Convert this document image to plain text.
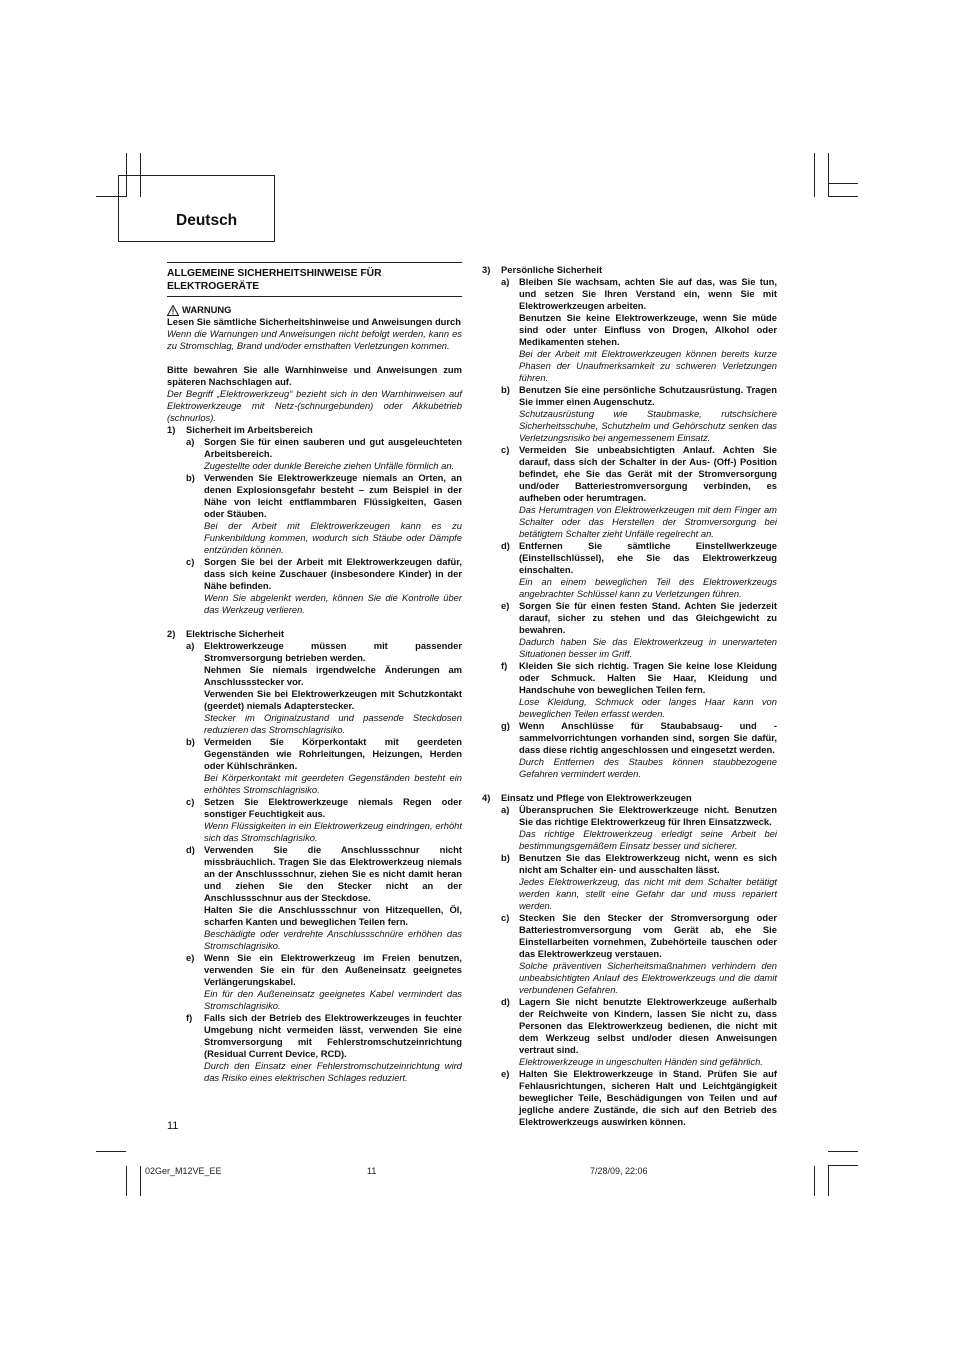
Deutsch
ALLGEMEINE SICHERHEITSHINWEISE FÜR ELEKTROGERÄTE
WARNUNG

Lesen Sie sämtliche Sicherheitshinweise und Anweisungen durch

Wenn die Warnungen und Anweisungen nicht befolgt werden, kann es zu Stromschlag, Brand und/oder ernsthaften Verletzungen kommen.

Bitte bewahren Sie alle Warnhinweise und Anweisungen zum späteren Nachschlagen auf.

Der Begriff „Elektrowerkzeug“ bezieht sich in den Warnhinweisen auf Elektrowerkzeuge mit Netz-(schnurgebunden) oder Akkubetrieb (schnurlos).

1)	Sicherheit im Arbeitsbereich
a)	Sorgen Sie für einen sauberen und gut ausgeleuchteten Arbeitsbereich.

Zugestellte oder dunkle Bereiche ziehen Unfälle förmlich an.

b) Verwenden Sie Elektrowerkzeuge niemals an Orten, an denen Explosionsgefahr besteht – zum Beispiel in der Nähe von leicht entflammbaren Flüssigkeiten, Gasen oder Stäuben.

Bei der Arbeit mit Elektrowerkzeugen kann es zu Funkenbildung kommen, wodurch sich Stäube oder Dämpfe entzünden können.

c)	Sorgen Sie bei der Arbeit mit Elektrowerkzeugen dafür, dass sich keine Zuschauer (insbesondere Kinder) in der Nähe befinden.

Wenn Sie abgelenkt werden, können Sie die Kontrolle über das Werkzeug verlieren.

2)	Elektrische Sicherheit
a)	Elektrowerkzeuge müssen mit passender Stromversorgung betrieben werden.

Nehmen Sie niemals irgendwelche Änderungen am Anschlussstecker vor.

Verwenden Sie bei Elektrowerkzeugen mit Schutzkontakt (geerdet) niemals Adapterstecker.

Stecker im Originalzustand und passende Steckdosen reduzieren das Stromschlagrisiko.

b) Vermeiden Sie Körperkontakt mit geerdeten Gegenständen wie Rohrleitungen, Heizungen, Herden oder Kühlschränken.

Bei Körperkontakt mit geerdeten Gegenständen besteht ein erhöhtes Stromschlagrisiko.

c)	Setzen Sie Elektrowerkzeuge niemals Regen oder sonstiger Feuchtigkeit aus.

Wenn Flüssigkeiten in ein Elektrowerkzeug eindringen, erhöht sich das Stromschlagrisiko.

d) Verwenden Sie die Anschlussschnur nicht missbräuchlich. Tragen Sie das Elektrowerkzeug niemals an der Anschlussschnur, ziehen Sie es nicht damit heran und ziehen Sie den Stecker nicht an der Anschlussschnur aus der Steckdose.

Halten Sie die Anschlussschnur von Hitzequellen, Öl, scharfen Kanten und beweglichen Teilen fern.

Beschädigte oder verdrehte Anschlussschnüre erhöhen das Stromschlagrisiko.

e)	Wenn Sie ein Elektrowerkzeug im Freien benutzen, verwenden Sie ein für den Außeneinsatz geeignetes Verlängerungskabel.

Ein für den Außeneinsatz geeignetes Kabel vermindert das Stromschlagrisiko.

f)	Falls sich der Betrieb des Elektrowerkzeuges in feuchter Umgebung nicht vermeiden lässt, verwenden Sie eine Stromversorgung mit Fehlerstromschutzeinrichtung (Residual Current Device, RCD).

Durch den Einsatz einer Fehlerstromschutzeinrichtung wird das Risiko eines elektrischen Schlages reduziert.

3)	Persönliche Sicherheit
a)	Bleiben Sie wachsam, achten Sie auf das, was Sie tun, und setzen Sie Ihren Verstand ein, wenn Sie mit Elektrowerkzeugen arbeiten.

Benutzen Sie keine Elektrowerkzeuge, wenn Sie müde sind oder unter Einfluss von Drogen, Alkohol oder Medikamenten stehen.

Bei der Arbeit mit Elektrowerkzeugen können bereits kurze Phasen der Unaufmerksamkeit zu schweren Verletzungen führen.

b) Benutzen Sie eine persönliche Schutzausrüstung. Tragen Sie immer einen Augenschutz.

Schutzausrüstung wie Staubmaske, rutschsichere Sicherheitsschuhe, Schutzhelm und Gehörschutz senken das Verletzungsrisiko bei angemessenem Einsatz.

c)	Vermeiden Sie unbeabsichtigten Anlauf. Achten Sie darauf, dass sich der Schalter in der Aus- (Off-) Position befindet, ehe Sie das Gerät mit der Stromversorgung und/oder Batteriestromversorgung verbinden, es aufheben oder herumtragen.

Das Herumtragen von Elektrowerkzeugen mit dem Finger am Schalter oder das Herstellen der Stromversorgung bei betätigtem Schalter zieht Unfälle regelrecht an.

d) Entfernen Sie sämtliche Einstellwerkzeuge (Einstellschlüssel), ehe Sie das Elektrowerkzeug einschalten.

Ein an einem beweglichen Teil des Elektrowerkzeugs angebrachter Schlüssel kann zu Verletzungen führen.

e)	Sorgen Sie für einen festen Stand. Achten Sie jederzeit darauf, sicher zu stehen und das Gleichgewicht zu bewahren.

Dadurch haben Sie das Elektrowerkzeug in unerwarteten Situationen besser im Griff.

f)	Kleiden Sie sich richtig. Tragen Sie keine lose Kleidung oder Schmuck. Halten Sie Haar, Kleidung und Handschuhe von beweglichen Teilen fern.

Lose Kleidung, Schmuck oder langes Haar kann von beweglichen Teilen erfasst werden.

g) Wenn Anschlüsse für Staubabsaug- und -sammelvorrichtungen vorhanden sind, sorgen Sie dafür, dass diese richtig angeschlossen und eingesetzt werden.

Durch Entfernen des Staubes können staubbezogene Gefahren vermindert werden.

4)	Einsatz und Pflege von Elektrowerkzeugen
a)	Überanspruchen Sie Elektrowerkzeuge nicht. Benutzen Sie das richtige Elektrowerkzeug für Ihren Einsatzzweck.

Das richtige Elektrowerkzeug erledigt seine Arbeit bei bestimmungsgemäßem Einsatz besser und sicherer.

b) Benutzen Sie das Elektrowerkzeug nicht, wenn es sich nicht am Schalter ein- und ausschalten lässt.

Jedes Elektrowerkzeug, das nicht mit dem Schalter betätigt werden kann, stellt eine Gefahr dar und muss repariert werden.

c)	Stecken Sie den Stecker der Stromversorgung oder Batteriestromversorgung vom Gerät ab, ehe Sie Einstellarbeiten vornehmen, Zubehörteile tauschen oder das Elektrowerkzeug verstauen.

Solche präventiven Sicherheitsmaßnahmen verhindern den unbeabsichtigten Anlauf des Elektrowerkzeugs und die damit verbundenen Gefahren.

d) Lagern Sie nicht benutzte Elektrowerkzeuge außerhalb der Reichweite von Kindern, lassen Sie nicht zu, dass Personen das Elektrowerkzeug bedienen, die nicht mit dem Werkzeug selbst und/oder diesen Anweisungen vertraut sind.

Elektrowerkzeuge in ungeschulten Händen sind gefährlich.

e)	Halten Sie Elektrowerkzeuge in Stand. Prüfen Sie auf Fehlausrichtungen, sicheren Halt und Leichtgängigkeit beweglicher Teile, Beschädigungen von Teilen und auf jegliche andere Zustände, die sich auf den Betrieb des Elektrowerkzeugs auswirken können.

11
02Ger_M12VE_EE	11	7/28/09, 22:06
